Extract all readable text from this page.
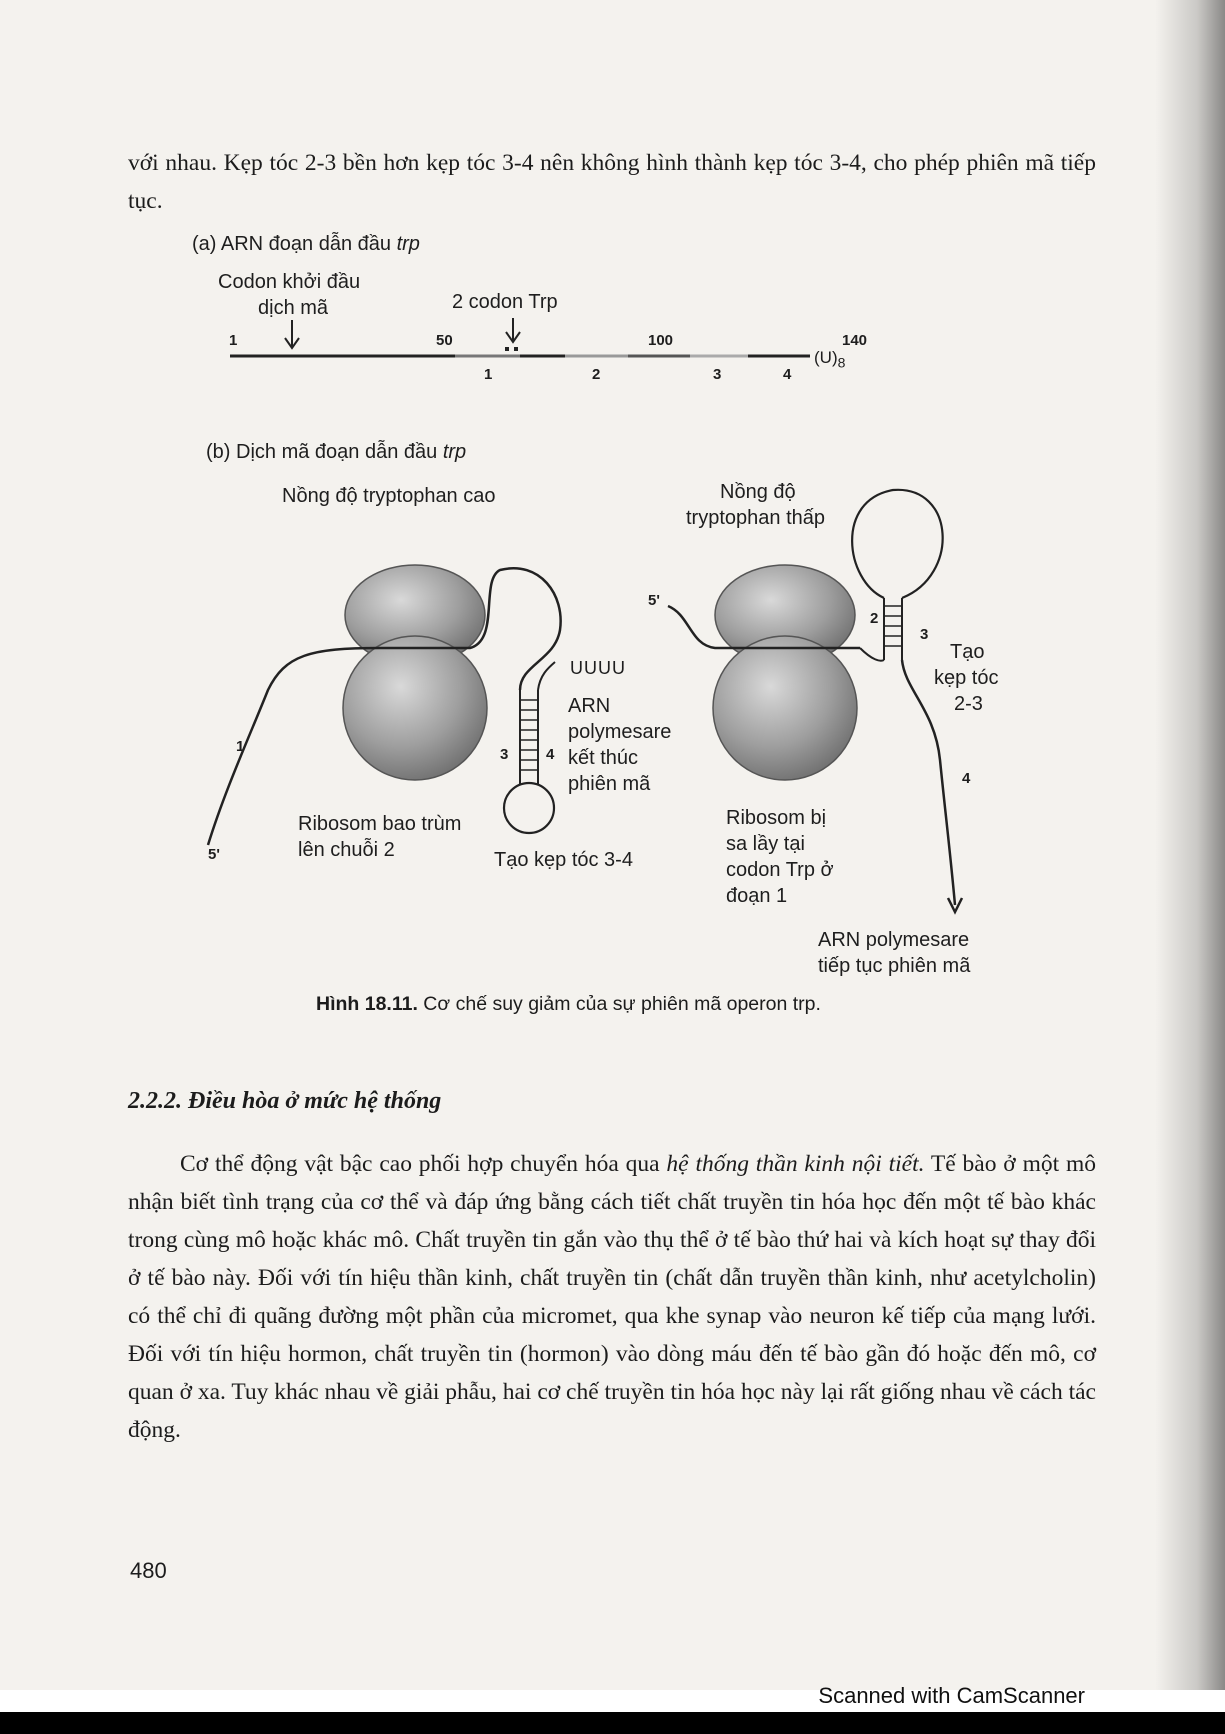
với nhau. Kẹp tóc 2-3 bền hơn kẹp tóc 3-4 nên không hình thành kẹp tóc 3-4, cho phép phiên mã tiếp tục.

(a) ARN đoạn dẫn đầu trp
Codon khởi đầu
dịch mã	2 codon Trp
1	50	100	140
1	2	3	4
$(U)_8$
(b) Dịch mã đoạn dẫn đầu trp
Nồng độ tryptophan cao	Nồng độ
tryptophan thấp
5'
5'
UUUU
ARN
polymesare
kết thúc
phiên mã
Ribosom bao trùm
lên chuỗi 2	Tạo kẹp tóc 3-4
Tạo
kẹp tóc
2-3
Ribosom bị
sa lầy tại
codon Trp ở
đoạn 1
ARN polymesare
tiếp tục phiên mã
1	3	4
2
3
4
Hình 18.11. Cơ chế suy giảm của sự phiên mã operon trp.

2.2.2. Điều hòa ở mức hệ thống

Cơ thể động vật bậc cao phối hợp chuyển hóa qua hệ thống thần kinh nội tiết. Tế bào ở một mô nhận biết tình trạng của cơ thể và đáp ứng bằng cách tiết chất truyền tin hóa học đến một tế bào khác trong cùng mô hoặc khác mô. Chất truyền tin gắn vào thụ thể ở tế bào thứ hai và kích hoạt sự thay đổi ở tế bào này. Đối với tín hiệu thần kinh, chất truyền tin (chất dẫn truyền thần kinh, như acetylcholin) có thể chỉ đi quãng đường một phần của micromet, qua khe synap vào neuron kế tiếp của mạng lưới. Đối với tín hiệu hormon, chất truyền tin (hormon) vào dòng máu đến tế bào gần đó hoặc đến mô, cơ quan ở xa. Tuy khác nhau về giải phẫu, hai cơ chế truyền tin hóa học này lại rất giống nhau về cách tác động.

480
Scanned with CamScanner
